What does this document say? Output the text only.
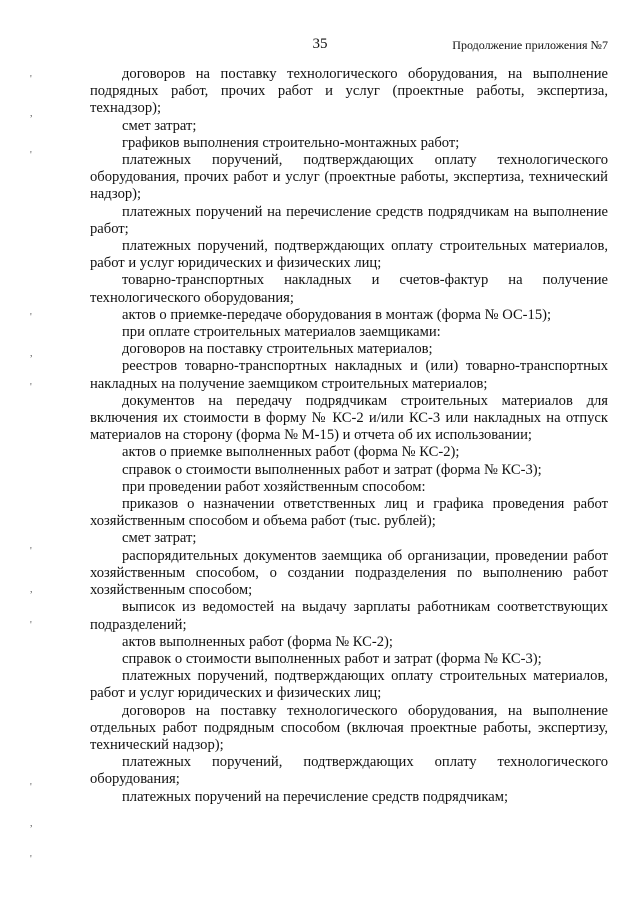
35	Продолжение приложения №7
'
,
'
'
,
'
'
,
'
'
,
'

договоров на поставку технологического оборудования, на выполнение подрядных работ, прочих работ и услуг (проектные работы, экспертиза, технадзор);

смет затрат;

графиков выполнения строительно-монтажных работ;

платежных поручений, подтверждающих оплату технологического оборудования, прочих работ и услуг (проектные работы, экспертиза, технический надзор);

платежных поручений на перечисление средств подрядчикам на выполнение работ;

платежных поручений, подтверждающих оплату строительных материалов, работ и услуг юридических и физических лиц;

товарно-транспортных накладных и счетов-фактур на получение технологического оборудования;

актов о приемке-передаче оборудования в монтаж (форма № ОС-15);

при оплате строительных материалов заемщиками:

договоров на поставку строительных материалов;

реестров товарно-транспортных накладных и (или) товарно-транспортных накладных на получение заемщиком строительных материалов;

документов на передачу подрядчикам строительных материалов для включения их стоимости в форму № КС-2 и/или КС-3 или накладных на отпуск материалов на сторону (форма № М-15) и отчета об их использовании;

актов о приемке выполненных работ (форма № КС-2);

справок о стоимости выполненных работ и затрат (форма № КС-3);

при проведении работ хозяйственным способом:

приказов о назначении ответственных лиц и графика проведения работ хозяйственным способом и объема работ (тыс. рублей);

смет затрат;

распорядительных документов заемщика об организации, проведении работ хозяйственным способом, о создании подразделения по выполнению работ хозяйственным способом;

выписок из ведомостей на выдачу зарплаты работникам соответствующих подразделений;

актов выполненных работ (форма № КС-2);

справок о стоимости выполненных работ и затрат (форма № КС-3);

платежных поручений, подтверждающих оплату строительных материалов, работ и услуг юридических и физических лиц;

договоров на поставку технологического оборудования, на выполнение отдельных работ подрядным способом (включая проектные работы, экспертизу, технический надзор);

платежных поручений, подтверждающих оплату технологического оборудования;

платежных поручений на перечисление средств подрядчикам;
